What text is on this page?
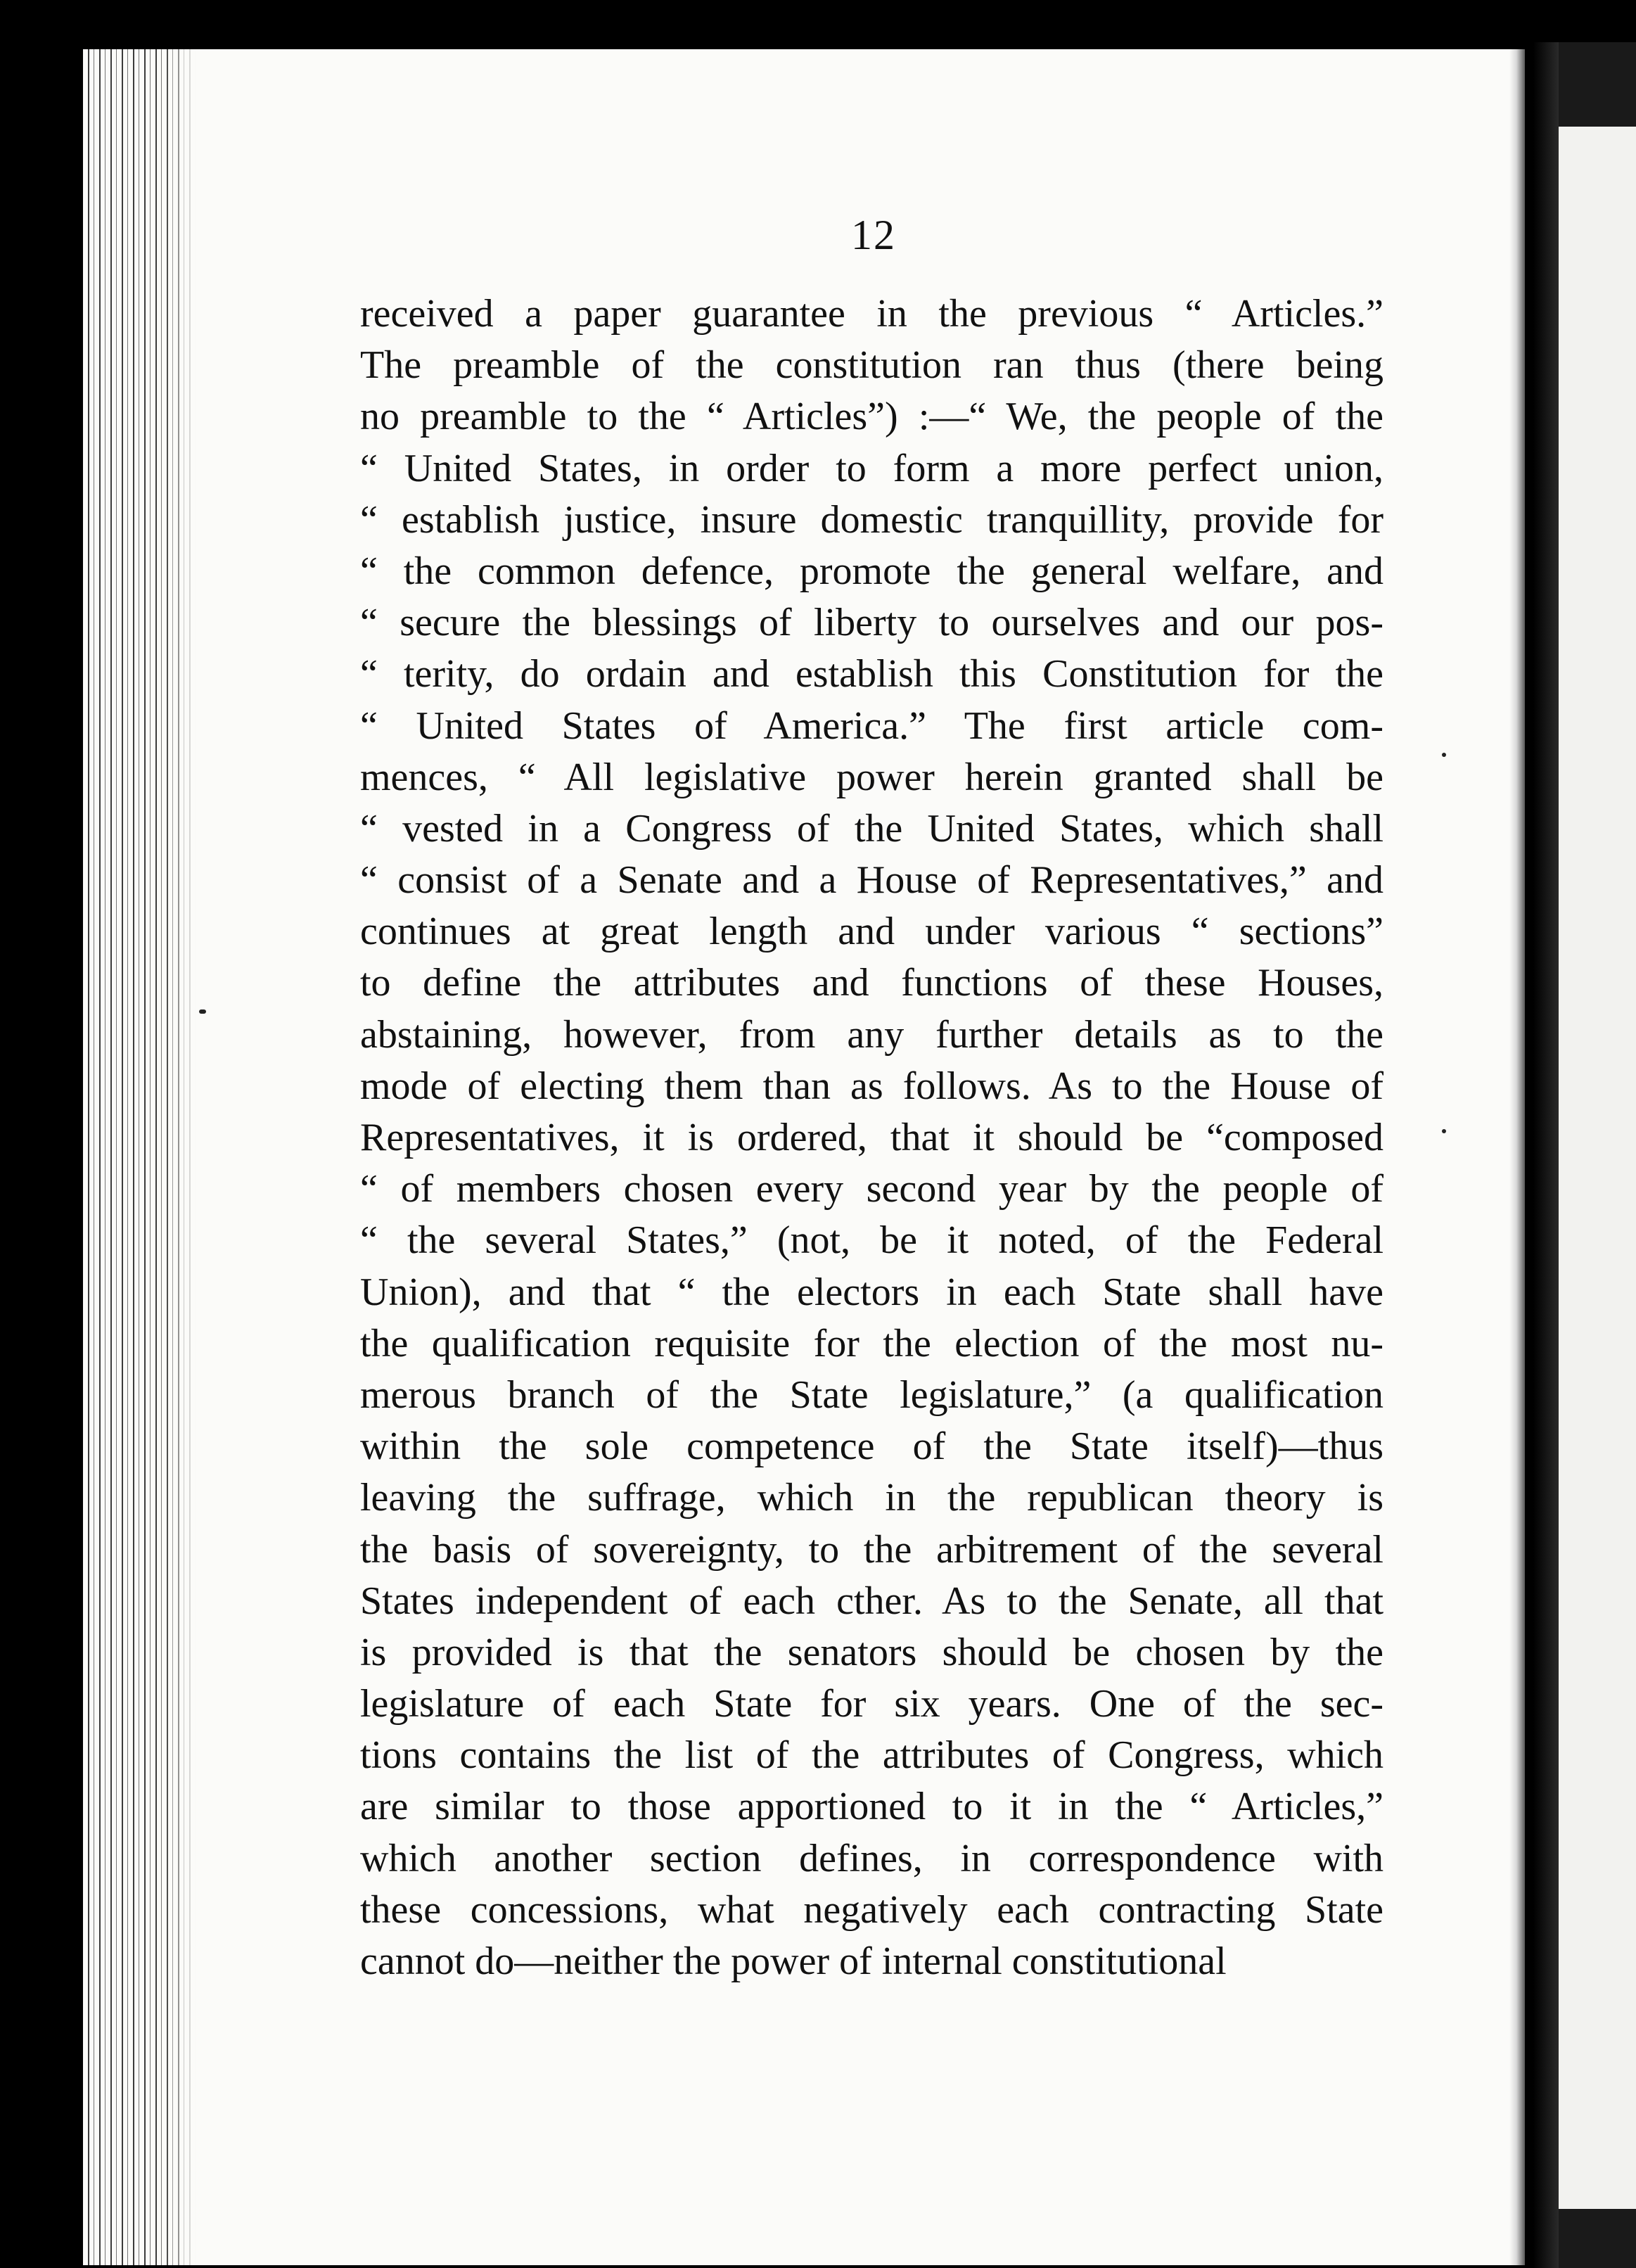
12
received a paper guarantee in the previous “ Articles.”
The preamble of the constitution ran thus (there being
no preamble to the “ Articles”) :—“ We, the people of the
“ United States, in order to form a more perfect union,
“ establish justice, insure domestic tranquillity, provide for
“ the common defence, promote the general welfare, and
“ secure the blessings of liberty to ourselves and our pos-
“ terity, do ordain and establish this Constitution for the
“ United States of America.” The first article com-
mences, “ All legislative power herein granted shall be
“ vested in a Congress of the United States, which shall
“ consist of a Senate and a House of Representatives,” and
continues at great length and under various “ sections”
to define the attributes and functions of these Houses,
abstaining, however, from any further details as to the
mode of electing them than as follows. As to the House of
Representatives, it is ordered, that it should be “composed
“ of members chosen every second year by the people of
“ the several States,” (not, be it noted, of the Federal
Union), and that “ the electors in each State shall have
the qualification requisite for the election of the most nu-
merous branch of the State legislature,” (a qualification
within the sole competence of the State itself)—thus
leaving the suffrage, which in the republican theory is
the basis of sovereignty, to the arbitrement of the several
States independent of each cther. As to the Senate, all that
is provided is that the senators should be chosen by the
legislature of each State for six years. One of the sec-
tions contains the list of the attributes of Congress, which
are similar to those apportioned to it in the “ Articles,”
which another section defines, in correspondence with
these concessions, what negatively each contracting State
cannot do—neither the power of internal constitutional
